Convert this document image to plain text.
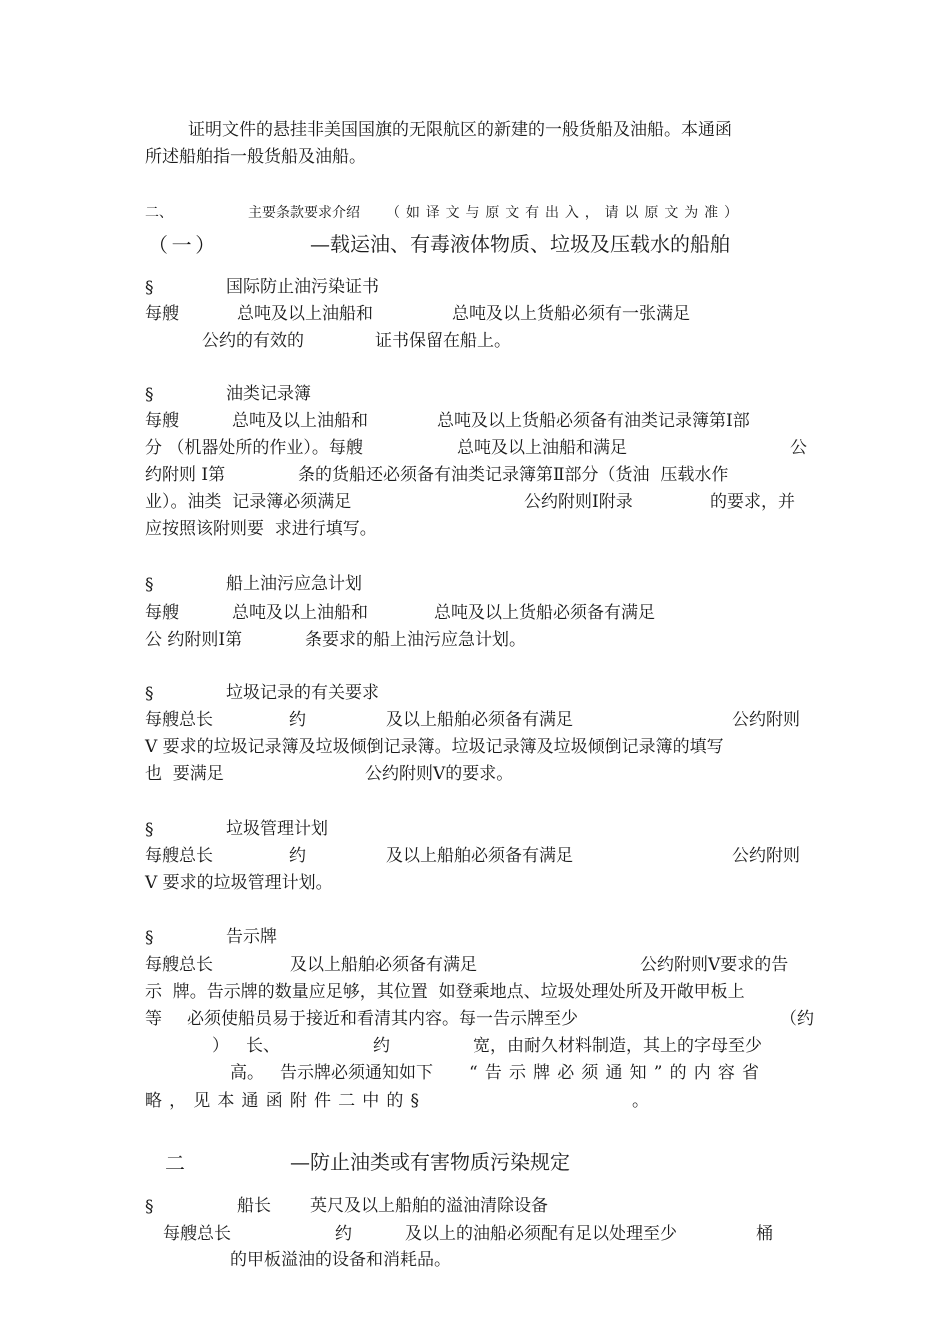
证明文件的悬挂非美国国旗的无限航区的新建的一般货船及油船。本通函
所述船舶指一般货船及油船。
二、	主要条款要求介绍 （如译文与原文有出入，请以原文为准）
（一）	—载运油、有毒液体物质、垃圾及压载水的船舶
§	国际防止油污染证书
每艘	总吨及以上油船和	总吨及以上货船必须有一张满足
公约的有效的	证书保留在船上。
§	油类记录簿
每艘	总吨及以上油船和	总吨及以上货船必须备有油类记录簿第Ⅰ部
分 （机器处所的作业）。每艘	总吨及以上油船和满足	公
约附则 Ⅰ第	条的货船还必须备有油类记录簿第Ⅱ部分（货油  压载水作
业）。油类  记录簿必须满足	公约附则Ⅰ附录	的要求，并
应按照该附则要  求进行填写。
§	船上油污应急计划
每艘	总吨及以上油船和	总吨及以上货船必须备有满足
公 约附则Ⅰ第	条要求的船上油污应急计划。
§	垃圾记录的有关要求
每艘总长	约	及以上船舶必须备有满足	公约附则
Ⅴ 要求的垃圾记录簿及垃圾倾倒记录簿。垃圾记录簿及垃圾倾倒记录簿的填写
也  要满足	公约附则Ⅴ的要求。
§	垃圾管理计划
每艘总长	约	及以上船舶必须备有满足	公约附则
Ⅴ 要求的垃圾管理计划。
§	告示牌
每艘总长	及以上船舶必须备有满足	公约附则Ⅴ要求的告
示  牌。告示牌的数量应足够，其位置  如登乘地点、垃圾处理处所及开敞甲板上
等 必须使船员易于接近和看清其内容。每一告示牌至少	（约
） 长、	约	宽，由耐久材料制造，其上的字母至少
高。 告示牌必须通知如下 “告示牌必须通知”的内容省
略，见本通函附件二中的§	。
二	—防止油类或有害物质污染规定
§	船长 英尺及以上船舶的溢油清除设备
每艘总长	约	及以上的油船必须配有足以处理至少	桶
的甲板溢油的设备和消耗品。
